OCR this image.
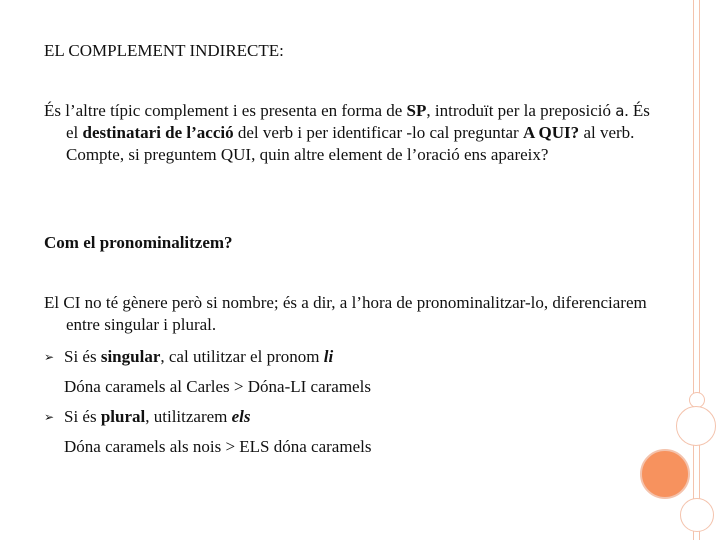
EL COMPLEMENT INDIRECTE:
És l’altre típic complement i es presenta en forma de SP, introduït per la preposició a. És el destinatari de l’acció del verb i per identificar -lo cal preguntar A QUI? al verb. Compte, si preguntem QUI, quin altre element de l’oració ens apareix?
Com el pronominalitzem?
El CI no té gènere però si nombre; és a dir, a l’hora de pronominalitzar-lo, diferenciarem entre singular i plural.
➢ Si és singular, cal utilitzar el pronom li
Dóna caramels al Carles > Dóna-LI caramels
➢ Si és plural, utilitzarem els
Dóna caramels als nois > ELS dóna caramels
